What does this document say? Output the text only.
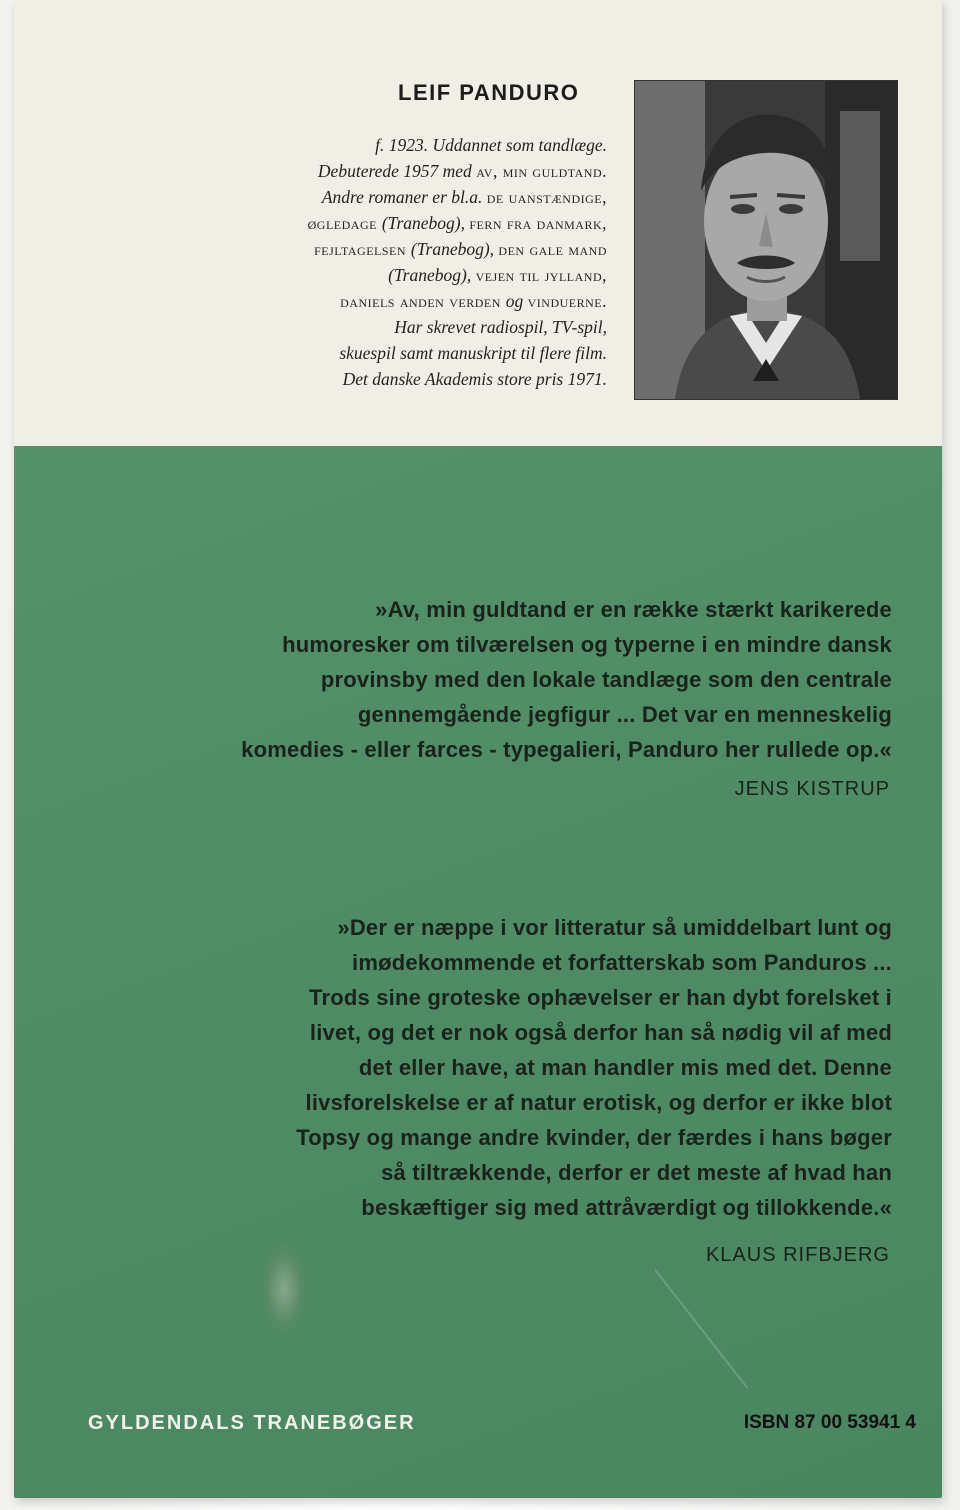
LEIF PANDURO
f. 1923. Uddannet som tandlæge.
Debuterede 1957 med av, min guldtand.
Andre romaner er bl.a. de uanstændige,
øgledage (Tranebog), fern fra danmark,
fejltagelsen (Tranebog), den gale mand
(Tranebog), vejen til jylland,
daniels anden verden og vinduerne.
Har skrevet radiospil, TV-spil,
skuespil samt manuskript til flere film.
Det danske Akademis store pris 1971.
»Av, min guldtand er en række stærkt karikerede
humoresker om tilværelsen og typerne i en mindre dansk
provinsby med den lokale tandlæge som den centrale
gennemgående jegfigur ... Det var en menneskelig
komedies - eller farces - typegalieri, Panduro her rullede op.«

JENS KISTRUP

»Der er næppe i vor litteratur så umiddelbart lunt og
imødekommende et forfatterskab som Panduros ...
Trods sine groteske ophævelser er han dybt forelsket i
livet, og det er nok også derfor han så nødig vil af med
det eller have, at man handler mis med det. Denne
livsforelskelse er af natur erotisk, og derfor er ikke blot
Topsy og mange andre kvinder, der færdes i hans bøger
så tiltrækkende, derfor er det meste af hvad han
beskæftiger sig med attråværdigt og tillokkende.«

KLAUS RIFBJERG

GYLDENDALS TRANEBØGER	ISBN 87 00 53941 4
